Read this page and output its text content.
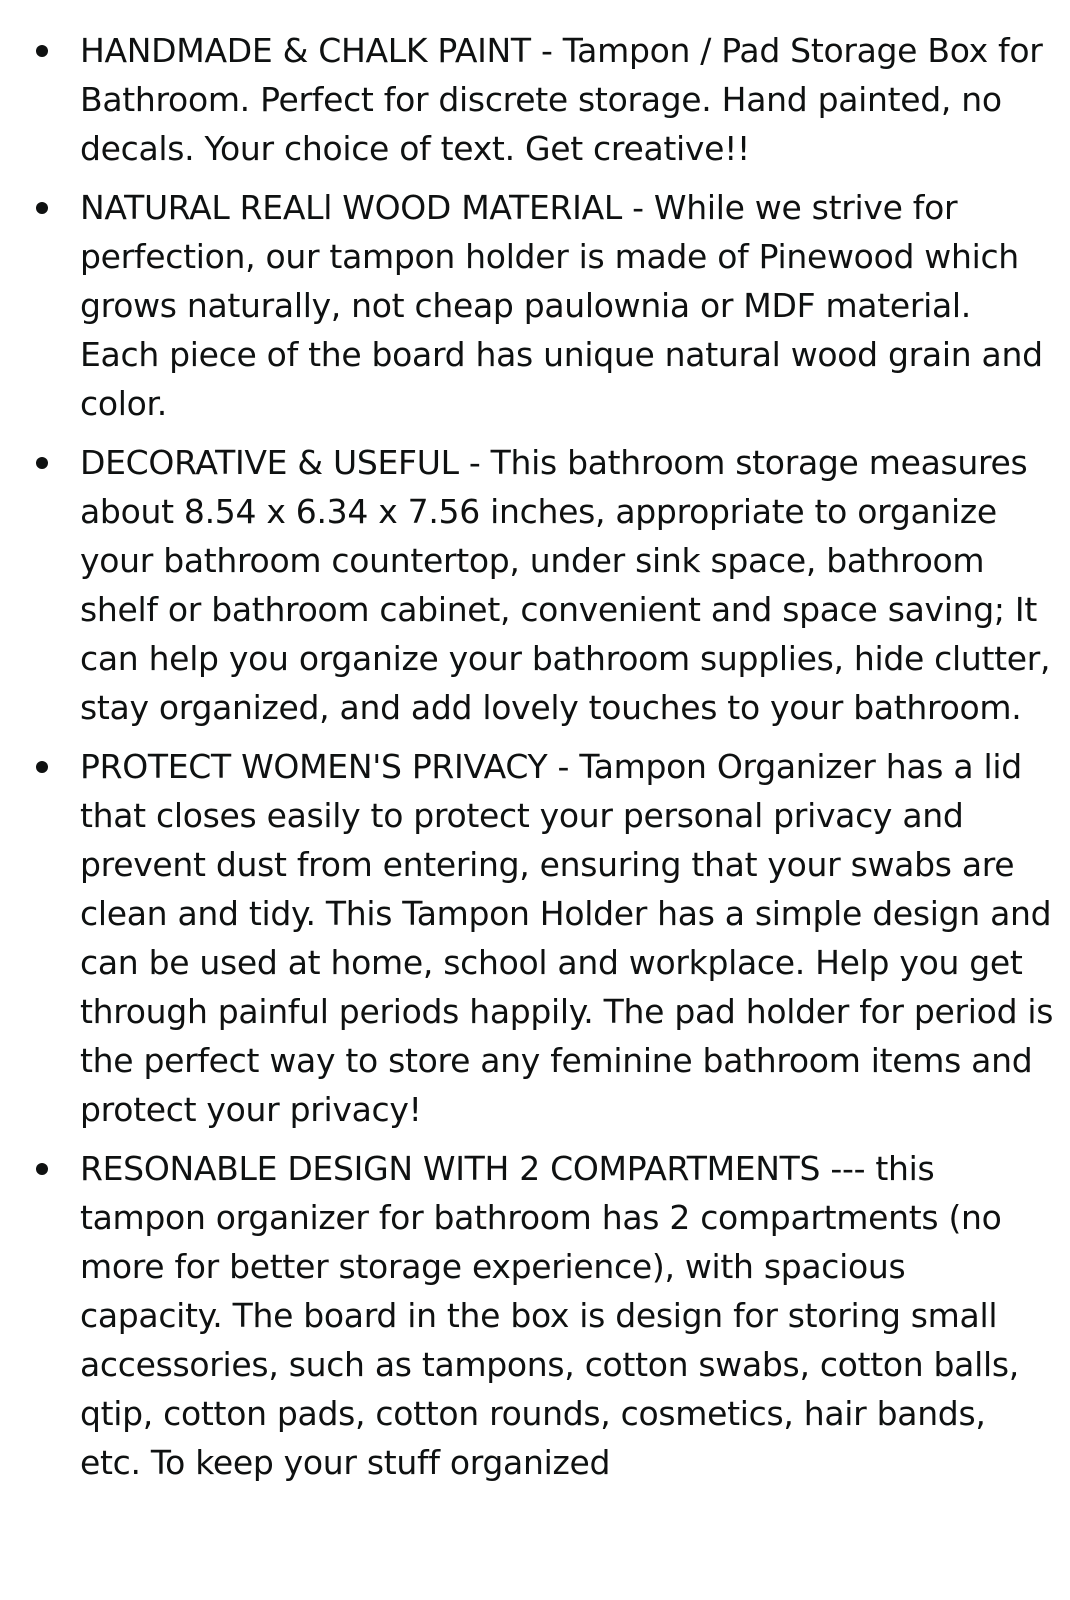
HANDMADE & CHALK PAINT - Tampon / Pad Storage Box for Bathroom. Perfect for discrete storage. Hand painted, no decals. Your choice of text. Get creative!!
NATURAL REALl WOOD MATERIAL - While we strive for perfection, our tampon holder is made of Pinewood which grows naturally, not cheap paulownia or MDF material. Each piece of the board has unique natural wood grain and color.
DECORATIVE & USEFUL - This bathroom storage measures about 8.54 x 6.34 x 7.56 inches, appropriate to organize your bathroom countertop, under sink space, bathroom shelf or bathroom cabinet, convenient and space saving; It can help you organize your bathroom supplies, hide clutter, stay organized, and add lovely touches to your bathroom.
PROTECT WOMEN'S PRIVACY - Tampon Organizer has a lid that closes easily to protect your personal privacy and prevent dust from entering, ensuring that your swabs are clean and tidy. This Tampon Holder has a simple design and can be used at home, school and workplace. Help you get through painful periods happily. The pad holder for period is the perfect way to store any feminine bathroom items and protect your privacy!
RESONABLE DESIGN WITH 2 COMPARTMENTS --- this tampon organizer for bathroom has 2 compartments (no more for better storage experience), with spacious capacity. The board in the box is design for storing small accessories, such as tampons, cotton swabs, cotton balls, qtip, cotton pads, cotton rounds, cosmetics, hair bands, etc. To keep your stuff organized
